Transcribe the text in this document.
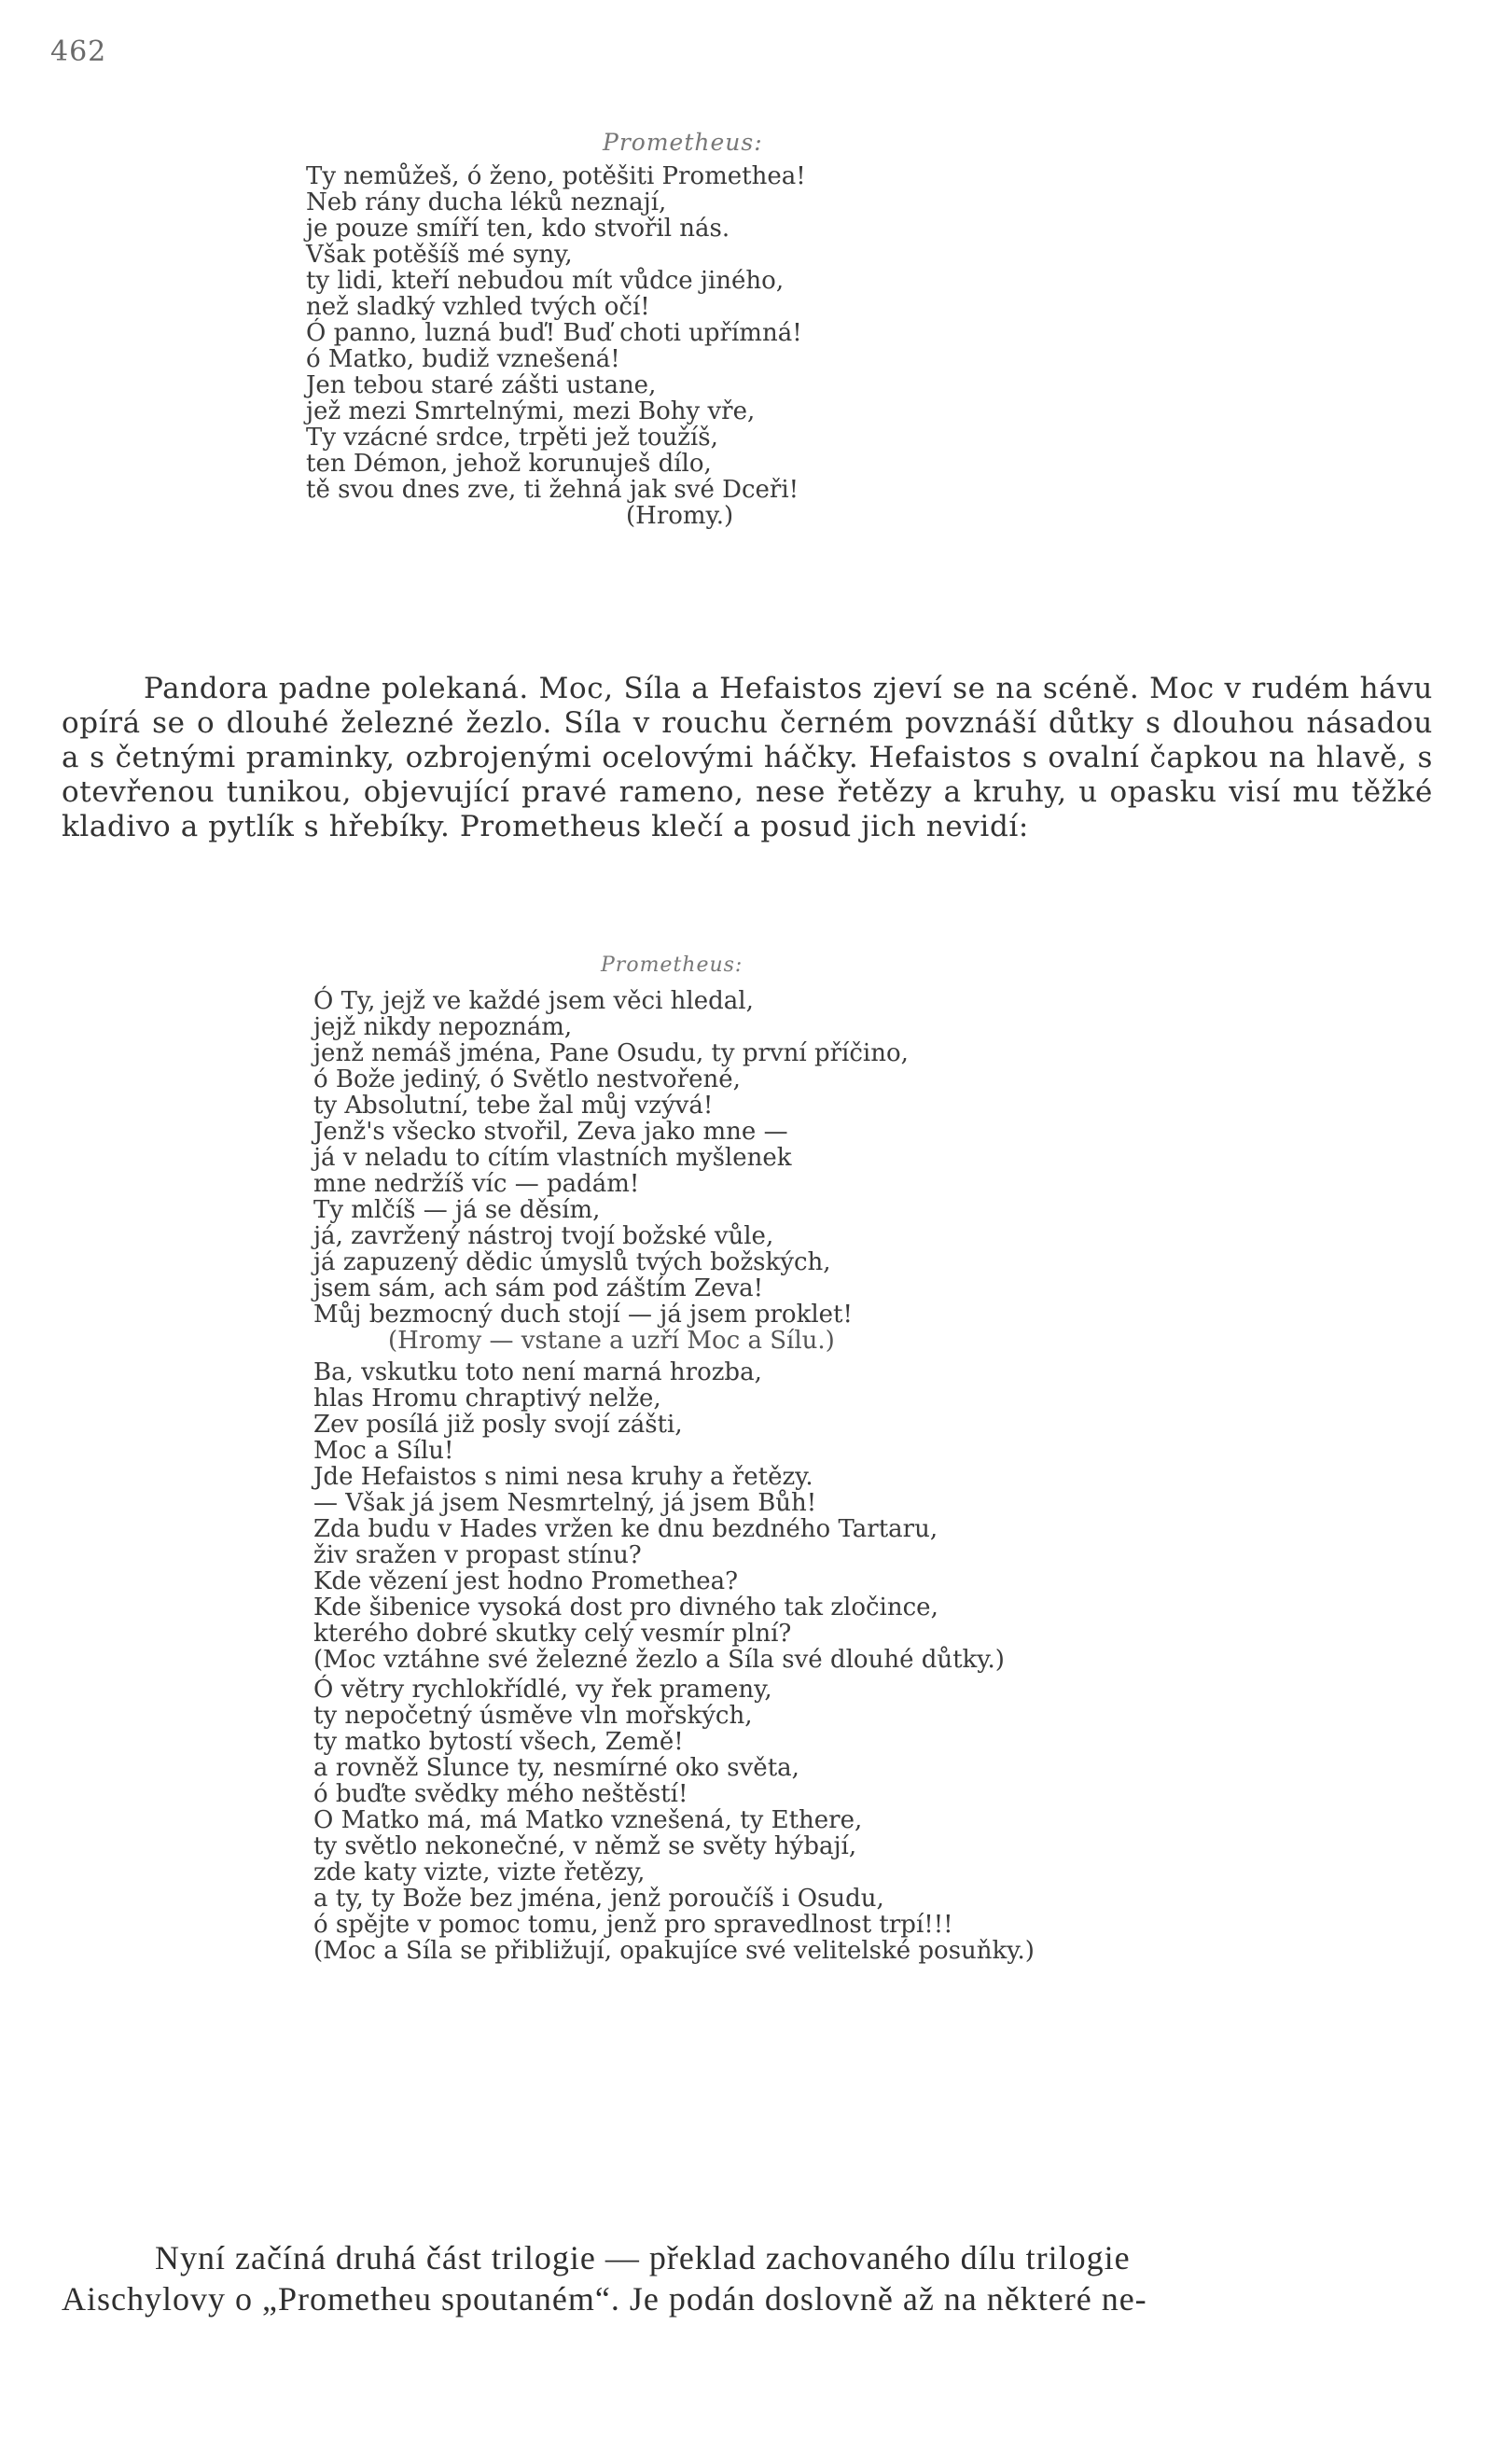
462
Prometheus:
Ty nemůžeš, ó ženo, potěšiti Promethea!
Neb rány ducha léků neznají,
je pouze smíří ten, kdo stvořil nás.
Však potěšíš mé syny,
ty lidi, kteří nebudou mít vůdce jiného,
než sladký vzhled tvých očí!
Ó panno, luzná buď! Buď choti upřímná!
ó Matko, budiž vznešená!
Jen tebou staré zášti ustane,
jež mezi Smrtelnými, mezi Bohy vře,
Ty vzácné srdce, trpěti jež toužíš,
ten Démon, jehož korunuješ dílo,
tě svou dnes zve, ti žehná jak své Dceři!
(Hromy.)

Pandora padne polekaná. Moc, Síla a Hefaistos zjeví se na scéně. Moc v rudém hávu opírá se o dlouhé železné žezlo. Síla v rouchu černém povznáší důtky s dlouhou násadou a s četnými praminky, ozbrojenými ocelovými háčky. Hefaistos s ovalní čapkou na hlavě, s otevřenou tunikou, objevující pravé rameno, nese řetězy a kruhy, u opasku visí mu těžké kladivo a pytlík s hřebíky. Prometheus klečí a posud jich nevidí:

Prometheus:
Ó Ty, jejž ve každé jsem věci hledal,
jejž nikdy nepoznám,
jenž nemáš jména, Pane Osudu, ty první příčino,
ó Bože jediný, ó Světlo nestvořené,
ty Absolutní, tebe žal můj vzývá!
Jenž's všecko stvořil, Zeva jako mne —
já v neladu to cítím vlastních myšlenek
mne nedržíš víc — padám!
Ty mlčíš — já se děsím,
já, zavržený nástroj tvojí božské vůle,
já zapuzený dědic úmyslů tvých božských,
jsem sám, ach sám pod záštím Zeva!
Můj bezmocný duch stojí — já jsem proklet!
(Hromy — vstane a uzří Moc a Sílu.)
Ba, vskutku toto není marná hrozba,
hlas Hromu chraptivý nelže,
Zev posílá již posly svojí zášti,
Moc a Sílu!
Jde Hefaistos s nimi nesa kruhy a řetězy.
— Však já jsem Nesmrtelný, já jsem Bůh!
Zda budu v Hades vržen ke dnu bezdného Tartaru,
živ sražen v propast stínu?
Kde vězení jest hodno Promethea?
Kde šibenice vysoká dost pro divného tak zločince,
kterého dobré skutky celý vesmír plní?
(Moc vztáhne své železné žezlo a Síla své dlouhé důtky.)
Ó větry rychlokřídlé, vy řek prameny,
ty nepočetný úsměve vln mořských,
ty matko bytostí všech, Země!
a rovněž Slunce ty, nesmírné oko světa,
ó buďte svědky mého neštěstí!
O Matko má, má Matko vznešená, ty Ethere,
ty světlo nekonečné, v němž se světy hýbají,
zde katy vizte, vizte řetězy,
a ty, ty Bože bez jména, jenž poroučíš i Osudu,
ó spějte v pomoc tomu, jenž pro spravedlnost trpí!!!
(Moc a Síla se přibližují, opakujíce své velitelské posuňky.)
Nyní začíná druhá část trilogie — překlad zachovaného dílu trilogie
Aischylovy o „Prometheu spoutaném“. Je podán doslovně až na některé ne-
